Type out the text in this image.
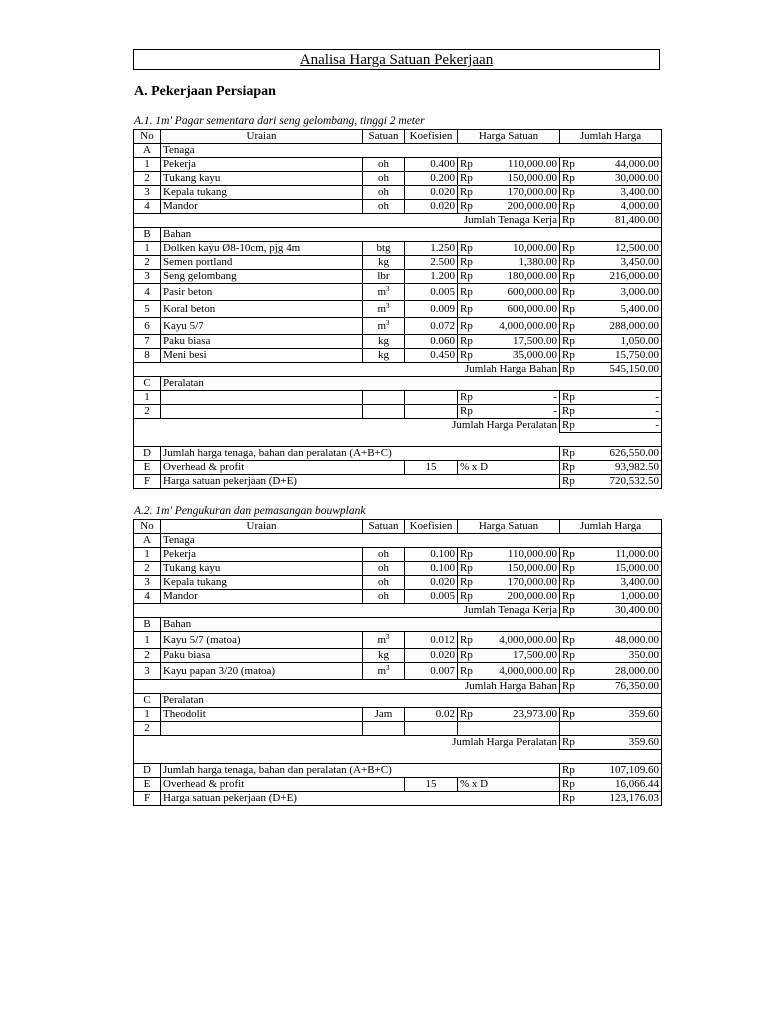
Analisa Harga Satuan Pekerjaan
A. Pekerjaan Persiapan
A.1. 1m' Pagar sementara dari seng gelombang, tinggi 2 meter
No	Uraian	Satuan	Koefisien	Harga Satuan	Jumlah Harga
A	Tenaga				
1	Pekerja	oh	0.400	Rp 110,000.00	Rp 44,000.00

2	Tukang kayu	oh	0.200	Rp 150,000.00	Rp 30,000.00

3	Kepala tukang	oh	0.020	Rp 170,000.00	Rp 3,400.00

4	Mandor	oh	0.020	Rp 200,000.00	Rp 4,000.00

	Jumlah Tenaga Kerja				Rp 81,400.00

B	Bahan				
1	Dolken kayu Ø8-10cm, pjg 4m	btg	1.250	Rp 10,000.00	Rp 12,500.00

2	Semen portland	kg	2.500	Rp 1,380.00	Rp 3,450.00

3	Seng gelombang	lbr	1.200	Rp 180,000.00	Rp 216,000.00

4	Pasir beton	$m^3$	0.005	Rp 600,000.00	Rp 3,000.00

5	Koral beton	$m^3$	0.009	Rp 600,000.00	Rp 5,400.00

6	Kayu 5/7	$m^3$	0.072	Rp 4,000,000.00	Rp 288,000.00

7	Paku biasa	kg	0.060	Rp 17,500.00	Rp 1,050.00

8	Meni besi	kg	0.450	Rp 35,000.00	Rp 15,750.00

	Jumlah Harga Bahan				Rp 545,150.00

C	Peralatan				
1				Rp -	Rp -

2				Rp -	Rp -

	Jumlah Harga Peralatan				Rp -

D	Jumlah harga tenaga, bahan dan peralatan (A+B+C)				Rp 626,550.00

E	Overhead & profit		15	% x D	Rp 93,982.50

F	Harga satuan pekerjaan (D+E)				Rp 720,532.50
A.2. 1m' Pengukuran dan pemasangan bouwplank
No	Uraian	Satuan	Koefisien	Harga Satuan	Jumlah Harga
A	Tenaga				
1	Pekerja	oh	0.100	Rp 110,000.00	Rp 11,000.00

2	Tukang kayu	oh	0.100	Rp 150,000.00	Rp 15,000.00

3	Kepala tukang	oh	0.020	Rp 170,000.00	Rp 3,400.00

4	Mandor	oh	0.005	Rp 200,000.00	Rp 1,000.00

	Jumlah Tenaga Kerja				Rp 30,400.00

B	Bahan				
1	Kayu 5/7 (matoa)	$m^3$	0.012	Rp 4,000,000.00	Rp 48,000.00

2	Paku biasa	kg	0.020	Rp 17,500.00	Rp 350.00

3	Kayu papan 3/20 (matoa)	$m^3$	0.007	Rp 4,000,000.00	Rp 28,000.00

	Jumlah Harga Bahan				Rp 76,350.00

C	Peralatan				
1	Theodolit	Jam	0.02	Rp 23,973.00	Rp 359.60

2					
	Jumlah Harga Peralatan				Rp 359.60

D	Jumlah harga tenaga, bahan dan peralatan (A+B+C)				Rp 107,109.60

E	Overhead & profit		15	% x D	Rp 16,066.44

F	Harga satuan pekerjaan (D+E)				Rp 123,176.03
